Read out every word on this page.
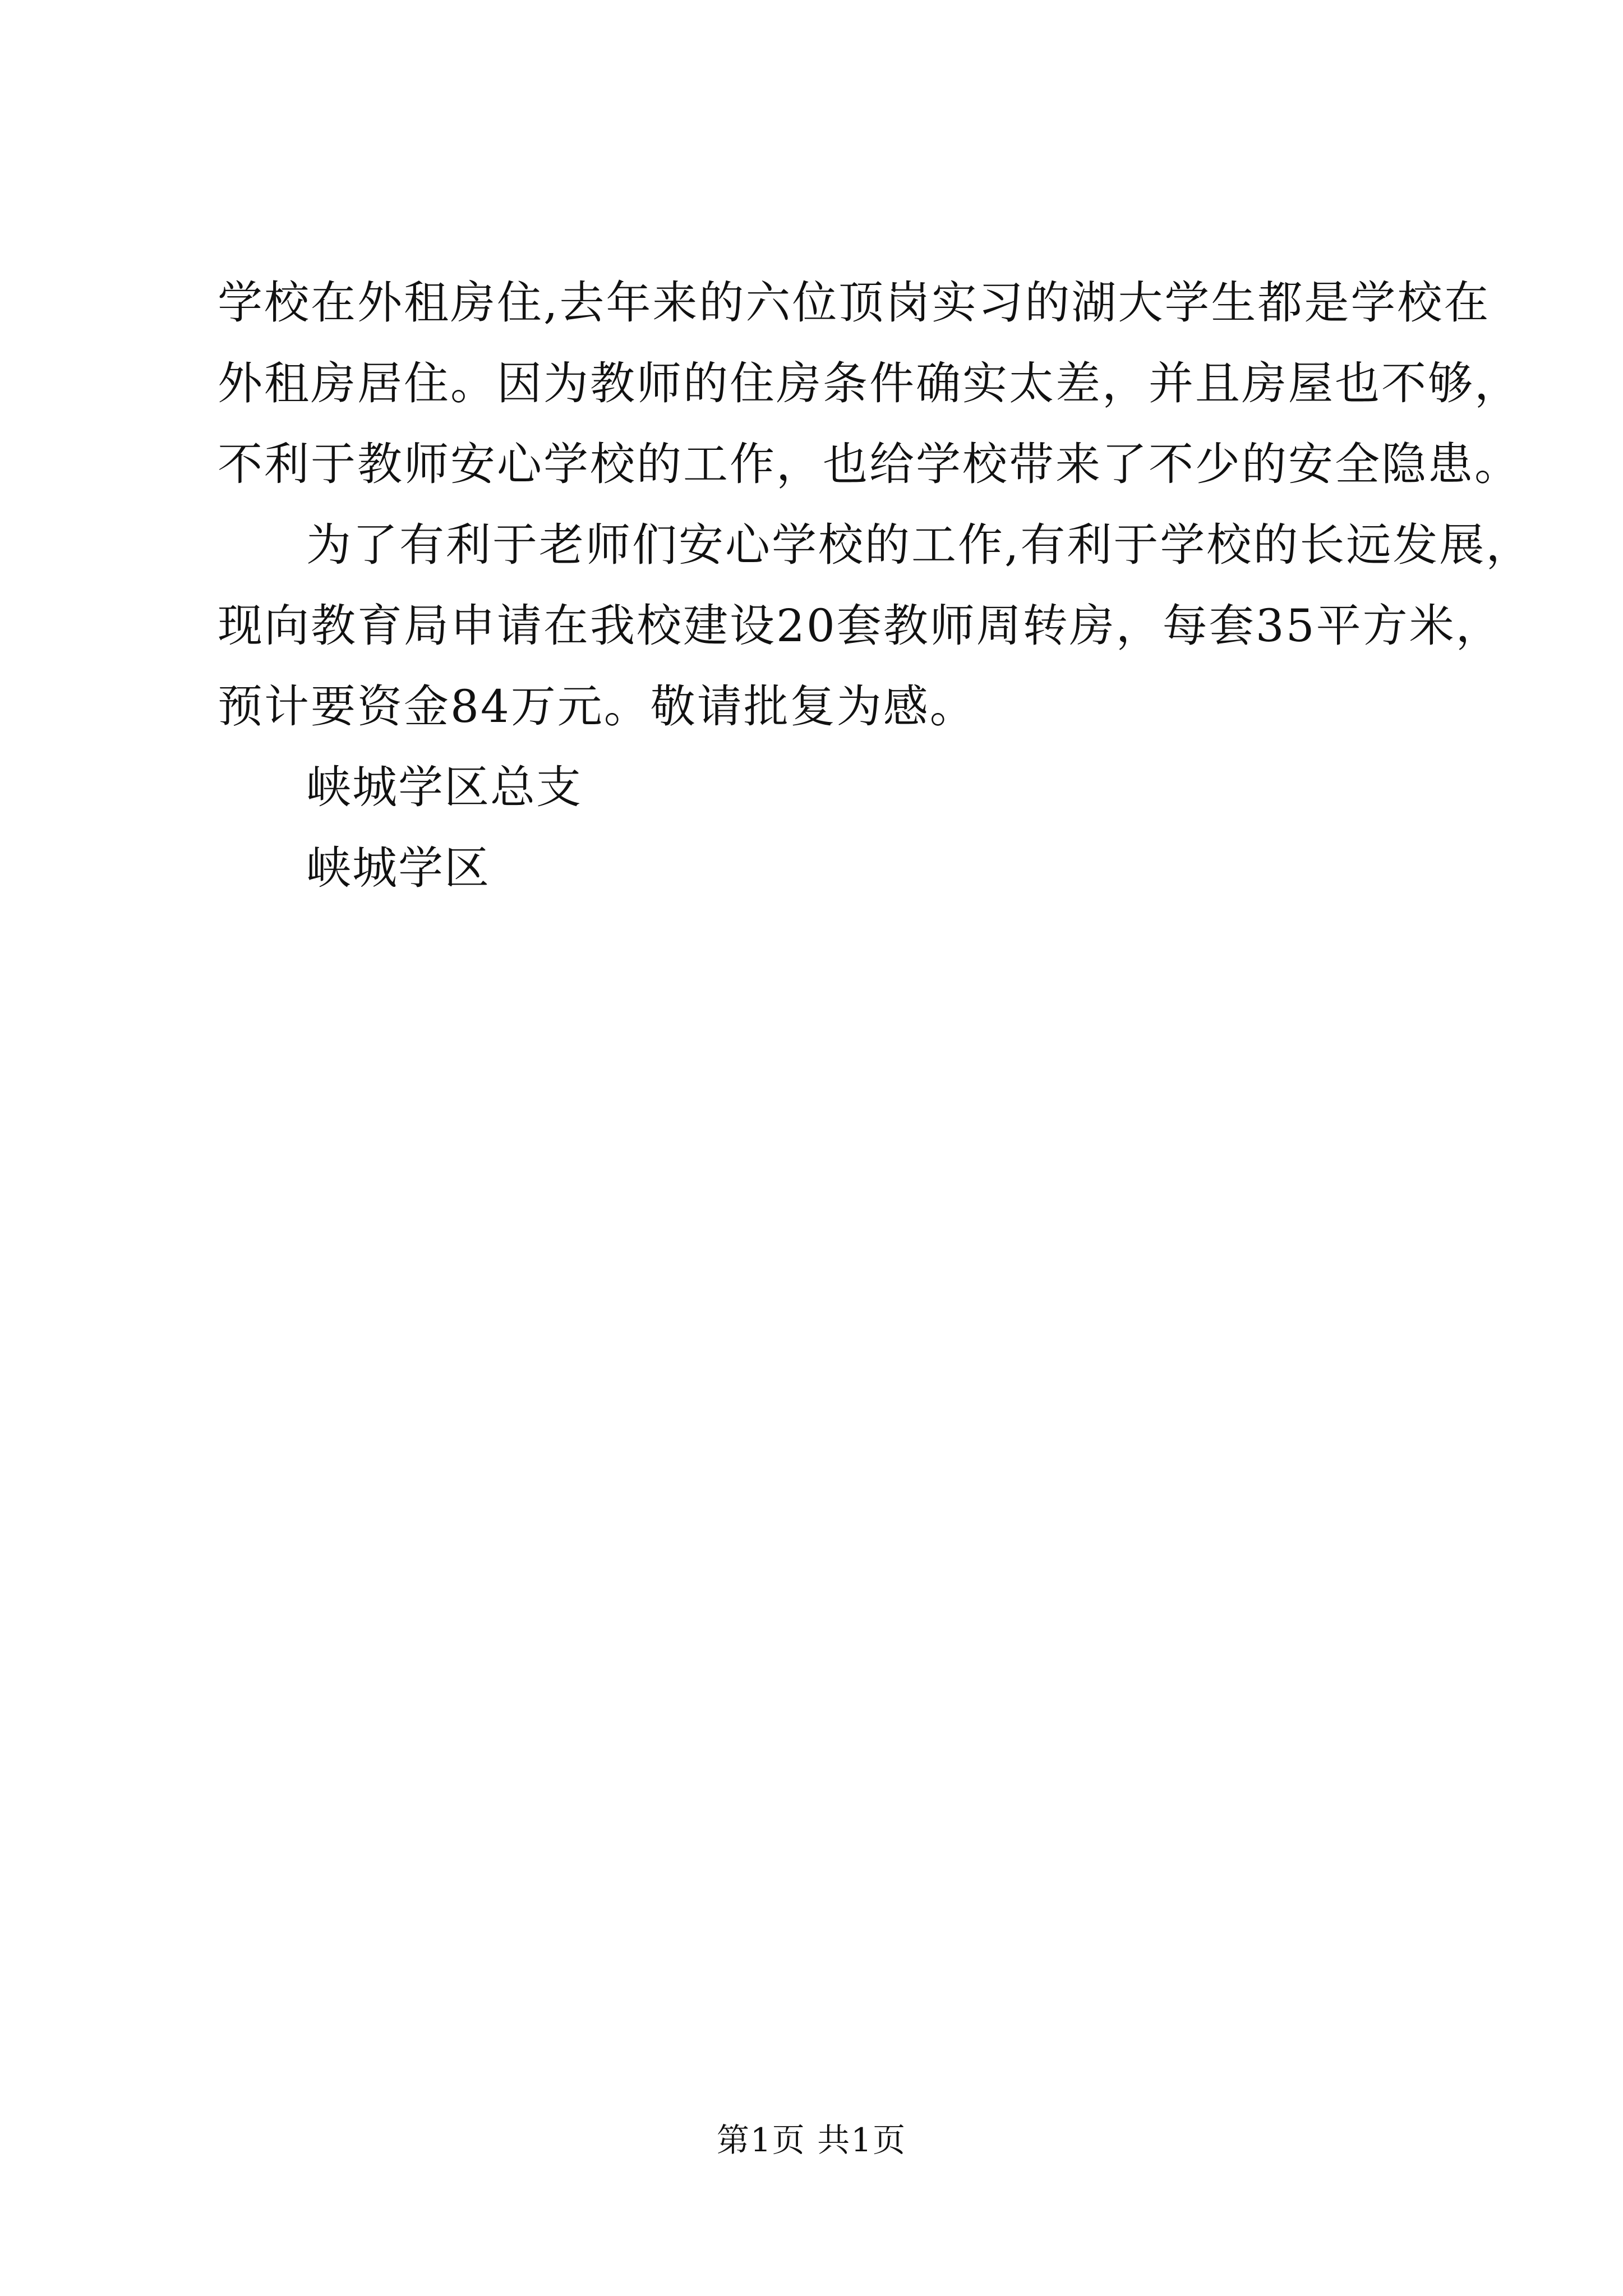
学校在外租房住,去年来的六位顶岗实习的湖大学生都是学校在
外租房居住。因为教师的住房条件确实太差，并且房屋也不够，
不利于教师安心学校的工作，也给学校带来了不少的安全隐患。
为了有利于老师们安心学校的工作,有利于学校的长远发展，
现向教育局申请在我校建设20套教师周转房，每套35平方米，
预计要资金84万元。敬请批复为感。
峡城学区总支
峡城学区
第1页 共1页
